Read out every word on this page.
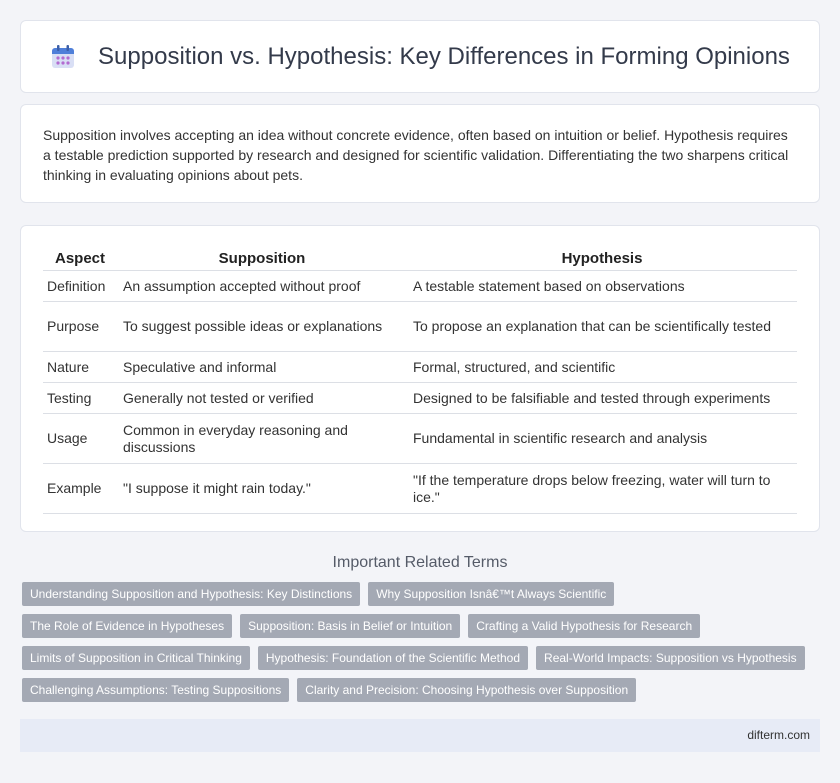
Supposition vs. Hypothesis: Key Differences in Forming Opinions

Supposition involves accepting an idea without concrete evidence, often based on intuition or belief. Hypothesis requires a testable prediction supported by research and designed for scientific validation. Differentiating the two sharpens critical thinking in evaluating opinions about pets.

Aspect	Supposition	Hypothesis
Definition	An assumption accepted without proof	A testable statement based on observations
Purpose	To suggest possible ideas or explanations	To propose an explanation that can be scientifically tested
Nature	Speculative and informal	Formal, structured, and scientific
Testing	Generally not tested or verified	Designed to be falsifiable and tested through experiments
Usage	Common in everyday reasoning and discussions	Fundamental in scientific research and analysis
Example	"I suppose it might rain today."	"If the temperature drops below freezing, water will turn to ice."
Important Related Terms
Understanding Supposition and Hypothesis: Key Distinctions	Why Supposition Isnâ€™t Always Scientific
The Role of Evidence in Hypotheses	Supposition: Basis in Belief or Intuition	Crafting a Valid Hypothesis for Research
Limits of Supposition in Critical Thinking	Hypothesis: Foundation of the Scientific Method	Real-World Impacts: Supposition vs Hypothesis
Challenging Assumptions: Testing Suppositions	Clarity and Precision: Choosing Hypothesis over Supposition
difterm.com
